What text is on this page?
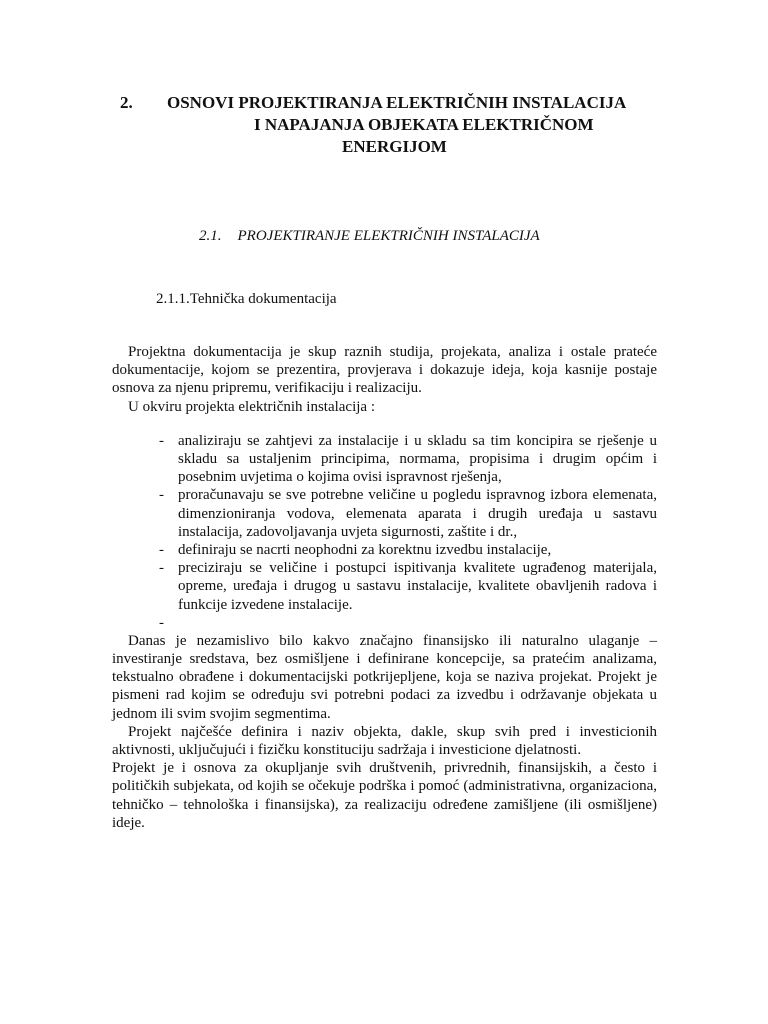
2. OSNOVI PROJEKTIRANJA ELEKTRIČNIH INSTALACIJA
I NAPAJANJA OBJEKATA ELEKTRIČNOM
ENERGIJOM
2.1. PROJEKTIRANJE ELEKTRIČNIH INSTALACIJA
2.1.1.Tehnička dokumentacija

Projektna dokumentacija je skup raznih studija, projekata, analiza i ostale prateće dokumentacije, kojom se prezentira, provjerava i dokazuje ideja, koja kasnije postaje osnova za njenu pripremu, verifikaciju i realizaciju.

U okviru projekta električnih instalacija :

- analiziraju se zahtjevi za instalacije i u skladu sa tim koncipira se rješenje u skladu sa ustaljenim principima, normama, propisima i drugim općim i posebnim uvjetima o kojima ovisi ispravnost rješenja,
- proračunavaju se sve potrebne veličine u pogledu ispravnog izbora elemenata, dimenzioniranja vodova, elemenata aparata i drugih uređaja u sastavu instalacija, zadovoljavanja uvjeta sigurnosti, zaštite i dr.,
- definiraju se nacrti neophodni za korektnu izvedbu instalacije,
- preciziraju se veličine i postupci ispitivanja kvalitete ugrađenog materijala, opreme, uređaja i drugog u sastavu instalacije, kvalitete obavljenih radova i funkcije izvedene instalacije.
-

Danas je nezamislivo bilo kakvo značajno finansijsko ili naturalno ulaganje – investiranje sredstava, bez osmišljene i definirane koncepcije, sa pratećim analizama, tekstualno obrađene i dokumentacijski potkrijepljene, koja se naziva projekat. Projekt je pismeni rad kojim se određuju svi potrebni podaci za izvedbu i održavanje objekata u jednom ili svim svojim segmentima.

Projekt najčešće definira i naziv objekta, dakle, skup svih pred i investicionih aktivnosti, uključujući i fizičku konstituciju sadržaja i investicione djelatnosti.

Projekt je i osnova za okupljanje svih društvenih, privrednih, finansijskih, a često i političkih subjekata, od kojih se očekuje podrška i pomoć (administrativna, organizaciona, tehničko – tehnološka i finansijska), za realizaciju određene zamišljene (ili osmišljene) ideje.
